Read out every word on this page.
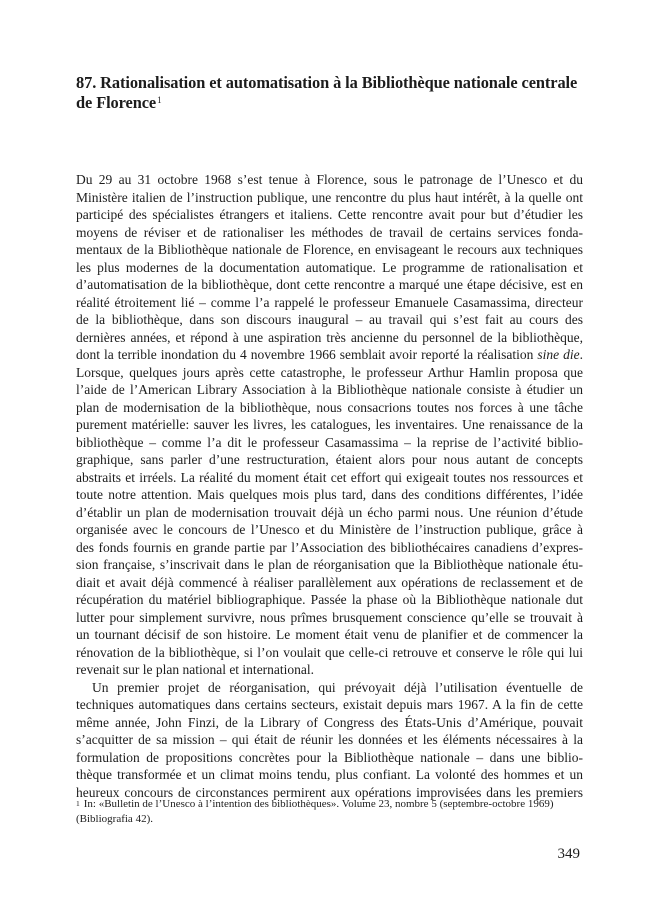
87. Rationalisation et automatisation à la Bibliothèque nationale centrale
de Florence$^1$
Du 29 au 31 octobre 1968 s’est tenue à Florence, sous le patronage de l’Unesco et du
Ministère italien de l’instruction publique, une rencontre du plus haut intérêt, à la quelle ont
participé des spécialistes étrangers et italiens. Cette rencontre avait pour but d’étudier les
moyens de réviser et de rationaliser les méthodes de travail de certains services fonda-
mentaux de la Bibliothèque nationale de Florence, en envisageant le recours aux techniques
les plus modernes de la documentation automatique. Le programme de rationalisation et
d’automatisation de la bibliothèque, dont cette rencontre a marqué une étape décisive, est en
réalité étroitement lié – comme l’a rappelé le professeur Emanuele Casamassima, directeur
de la bibliothèque, dans son discours inaugural – au travail qui s’est fait au cours des
dernières années, et répond à une aspiration très ancienne du personnel de la bibliothèque,
dont la terrible inondation du 4 novembre 1966 semblait avoir reporté la réalisation sine die.
Lorsque, quelques jours après cette catastrophe, le professeur Arthur Hamlin proposa que
l’aide de l’American Library Association à la Bibliothèque nationale consiste à étudier un
plan de modernisation de la bibliothèque, nous consacrions toutes nos forces à une tâche
purement matérielle: sauver les livres, les catalogues, les inventaires. Une renaissance de la
bibliothèque – comme l’a dit le professeur Casamassima – la reprise de l’activité biblio-
graphique, sans parler d’une restructuration, étaient alors pour nous autant de concepts
abstraits et irréels. La réalité du moment était cet effort qui exigeait toutes nos ressources et
toute notre attention. Mais quelques mois plus tard, dans des conditions différentes, l’idée
d’établir un plan de modernisation trouvait déjà un écho parmi nous. Une réunion d’étude
organisée avec le concours de l’Unesco et du Ministère de l’instruction publique, grâce à
des fonds fournis en grande partie par l’Association des bibliothécaires canadiens d’expres-
sion française, s’inscrivait dans le plan de réorganisation que la Bibliothèque nationale étu-
diait et avait déjà commencé à réaliser parallèlement aux opérations de reclassement et de
récupération du matériel bibliographique. Passée la phase où la Bibliothèque nationale dut
lutter pour simplement survivre, nous prîmes brusquement conscience qu’elle se trouvait à
un tournant décisif de son histoire. Le moment était venu de planifier et de commencer la
rénovation de la bibliothèque, si l’on voulait que celle-ci retrouve et conserve le rôle qui lui
revenait sur le plan national et international.
Un premier projet de réorganisation, qui prévoyait déjà l’utilisation éventuelle de
techniques automatiques dans certains secteurs, existait depuis mars 1967. A la fin de cette
même année, John Finzi, de la Library of Congress des États-Unis d’Amérique, pouvait
s’acquitter de sa mission – qui était de réunir les données et les éléments nécessaires à la
formulation de propositions concrètes pour la Bibliothèque nationale – dans une biblio-
thèque transformée et un climat moins tendu, plus confiant. La volonté des hommes et un
heureux concours de circonstances permirent aux opérations improvisées dans les premiers
$^1$ In: «Bulletin de l’Unesco à l’intention des bibliothèques». Volume 23, nombre 5 (septembre-octobre 1969)
(Bibliografia 42).
349
